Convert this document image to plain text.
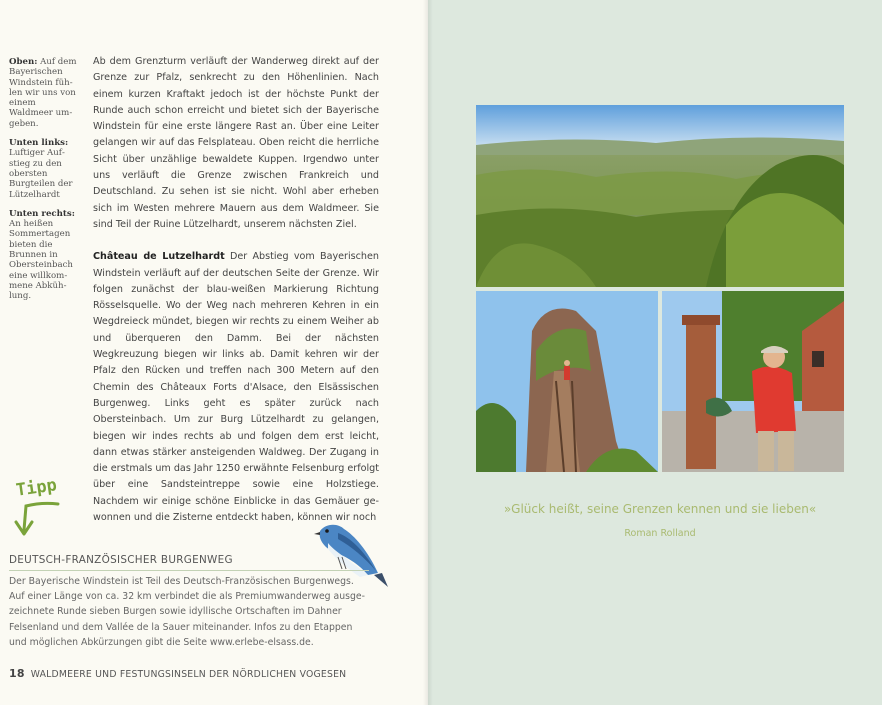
Oben: Auf dem Bayerischen Windstein fühlen wir uns von einem Waldmeer umgeben.

Unten links:
Luftiger Aufstieg zu den obersten Burgteilen der Lützelhardt

Unten rechts:
An heißen Sommertagen bieten die Brunnen in Obersteinbach eine willkommene Abkühlung.

Ab dem Grenzturm verläuft der Wanderweg direkt auf der Grenze zur Pfalz, senkrecht zu den Höhenlinien. Nach einem kurzen Kraftakt jedoch ist der höchste Punkt der Runde auch schon erreicht und bietet sich der Bayerische Windstein für eine erste längere Rast an. Über eine Leiter gelangen wir auf das Felsplateau. Oben reicht die herrliche Sicht über unzählige bewaldete Kuppen. Irgendwo unter uns verläuft die Grenze zwischen Frankreich und Deutschland. Zu sehen ist sie nicht. Wohl aber erheben sich im Westen mehrere Mauern aus dem Waldmeer. Sie sind Teil der Ruine Lützelhardt, unserem nächsten Ziel.

Château de Lutzelhardt Der Abstieg vom Bayerischen Windstein verläuft auf der deutschen Seite der Grenze. Wir folgen zunächst der blau-weißen Markierung Richtung Rösselsquelle. Wo der Weg nach mehreren Kehren in ein Wegdreieck mündet, biegen wir rechts zu einem Weiher ab und überqueren den Damm. Bei der nächsten Wegkreuzung biegen wir links ab. Damit kehren wir der Pfalz den Rücken und treffen nach 300 Metern auf den Chemin des Châteaux Forts d'Alsace, den Elsässischen Burgenweg. Links geht es später zurück nach Obersteinbach. Um zur Burg Lützelhardt zu gelangen, biegen wir indes rechts ab und folgen dem erst leicht, dann etwas stärker ansteigenden Waldweg. Der Zugang in die erstmals um das Jahr 1250 erwähnte Felsenburg erfolgt über eine Sandsteintreppe sowie eine Holzstiege. Nachdem wir einige schöne Einblicke in das Gemäuer gewonnen und die Zisterne entdeckt haben, können wir noch

Tipp
DEUTSCH-FRANZÖSISCHER BURGENWEG
Der Bayerische Windstein ist Teil des Deutsch-Französischen Burgenwegs. Auf einer Länge von ca. 32 km verbindet die als Premiumwanderweg ausgezeichnete Runde sieben Burgen sowie idyllische Ortschaften im Dahner Felsenland und dem Vallée de la Sauer miteinander. Infos zu den Etappen und möglichen Abkürzungen gibt die Seite www.erlebe-elsass.de.
18 WALDMEERE UND FESTUNGSINSELN DER NÖRDLICHEN VOGESEN
»Glück heißt, seine Grenzen kennen und sie lieben«
Roman Rolland
